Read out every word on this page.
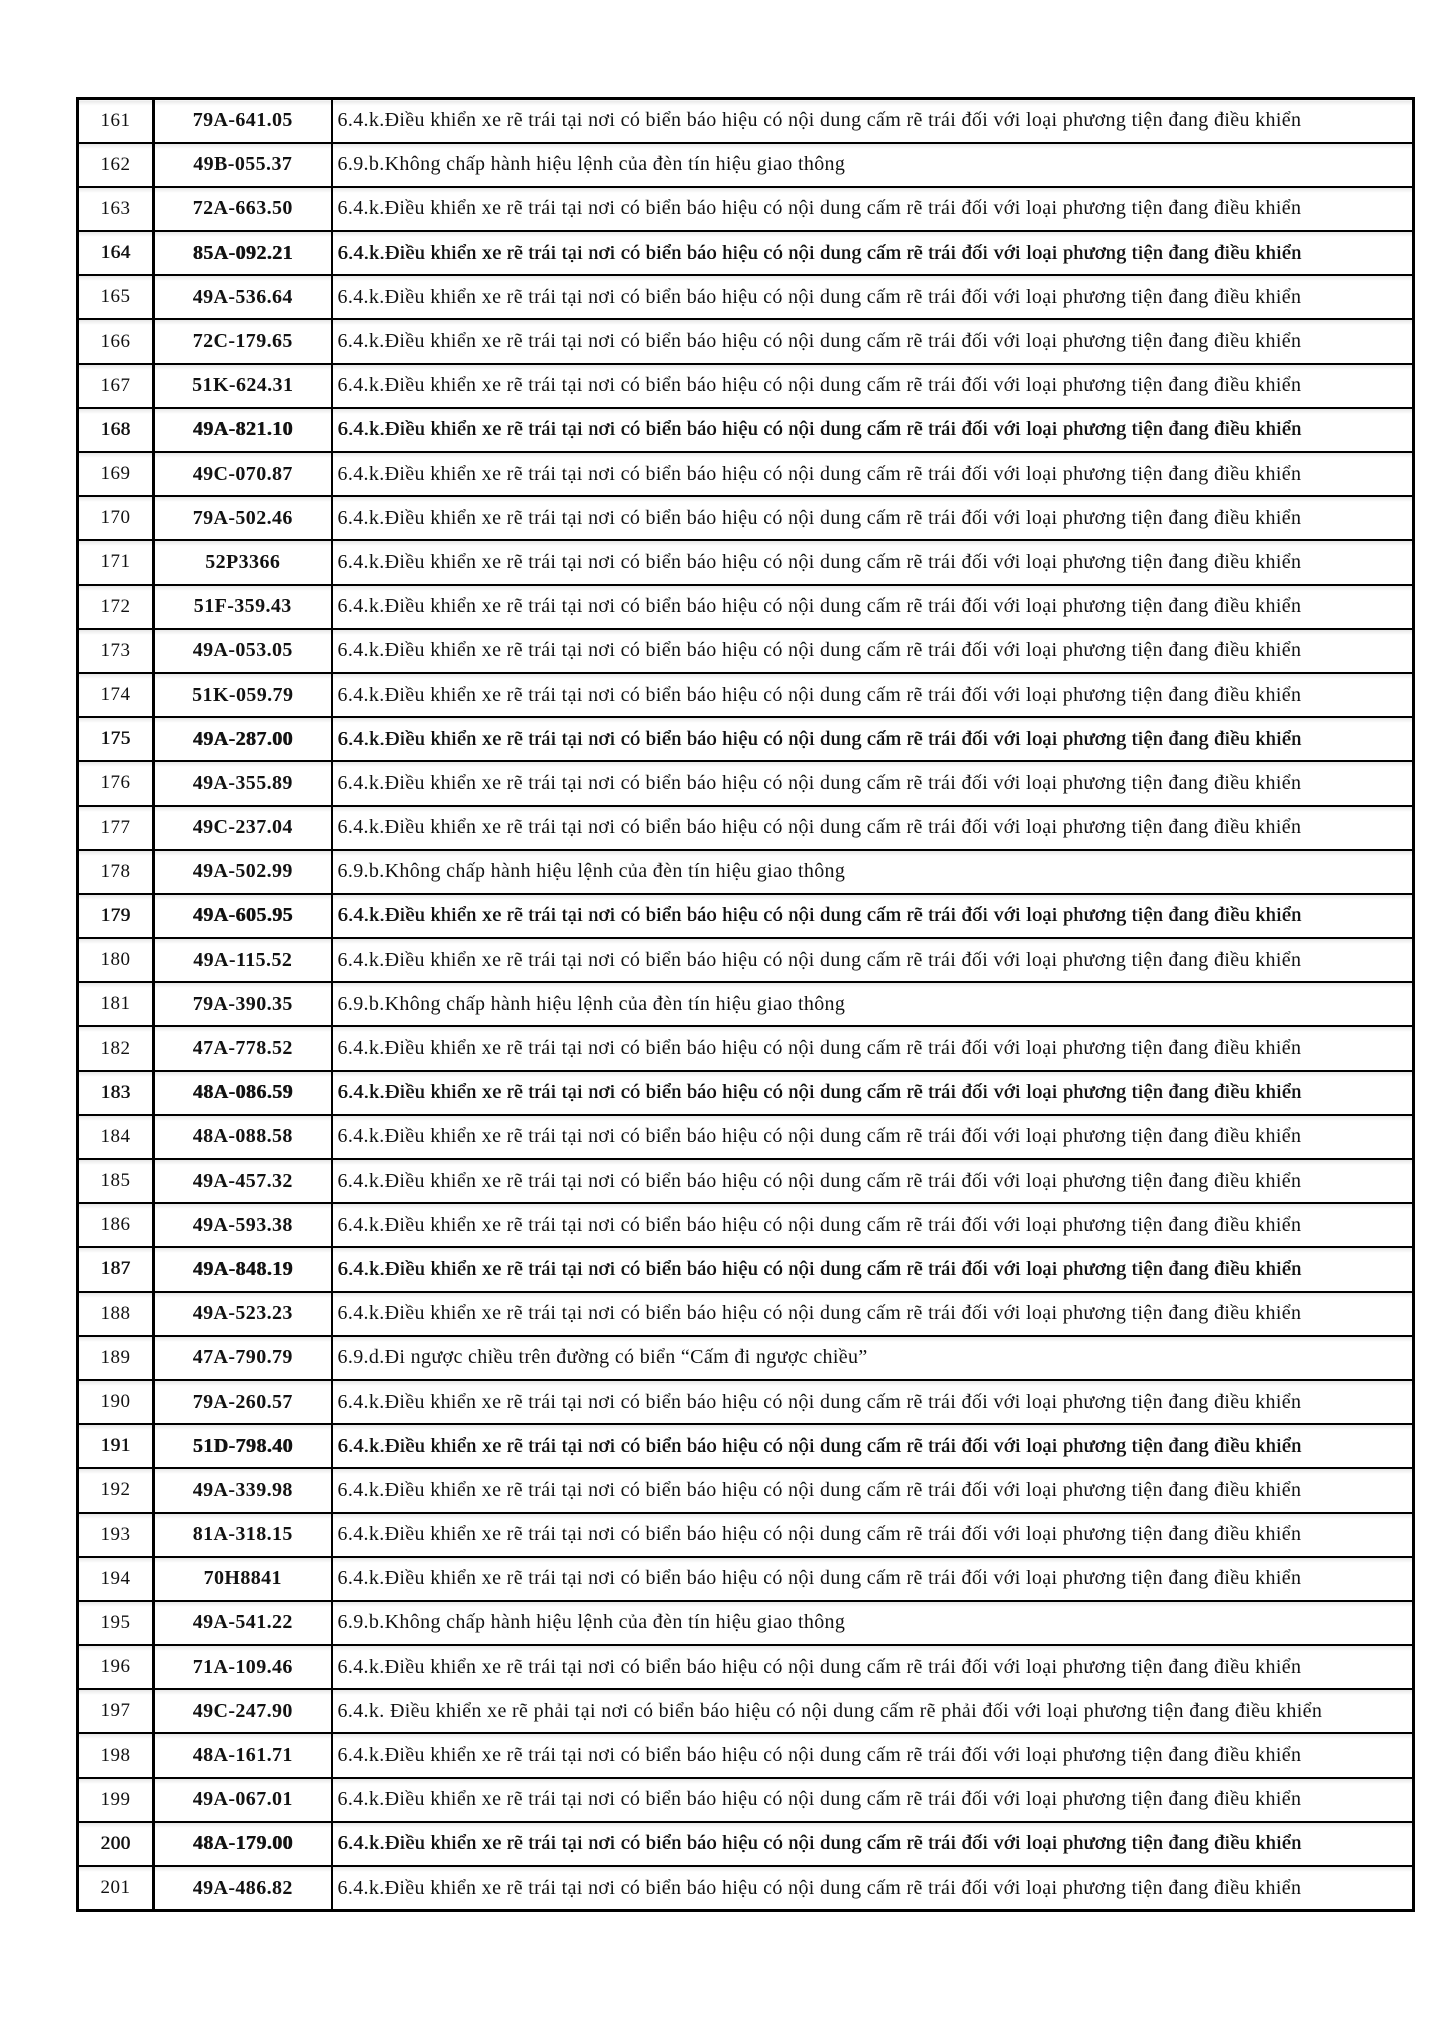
161	79A-641.05	6.4.k.Điều khiển xe rẽ trái tại nơi có biển báo hiệu có nội dung cấm rẽ trái đối với loại phương tiện đang điều khiển
162	49B-055.37	6.9.b.Không chấp hành hiệu lệnh của đèn tín hiệu giao thông
163	72A-663.50	6.4.k.Điều khiển xe rẽ trái tại nơi có biển báo hiệu có nội dung cấm rẽ trái đối với loại phương tiện đang điều khiển
164	85A-092.21	6.4.k.Điều khiển xe rẽ trái tại nơi có biển báo hiệu có nội dung cấm rẽ trái đối với loại phương tiện đang điều khiển
165	49A-536.64	6.4.k.Điều khiển xe rẽ trái tại nơi có biển báo hiệu có nội dung cấm rẽ trái đối với loại phương tiện đang điều khiển
166	72C-179.65	6.4.k.Điều khiển xe rẽ trái tại nơi có biển báo hiệu có nội dung cấm rẽ trái đối với loại phương tiện đang điều khiển
167	51K-624.31	6.4.k.Điều khiển xe rẽ trái tại nơi có biển báo hiệu có nội dung cấm rẽ trái đối với loại phương tiện đang điều khiển
168	49A-821.10	6.4.k.Điều khiển xe rẽ trái tại nơi có biển báo hiệu có nội dung cấm rẽ trái đối với loại phương tiện đang điều khiển
169	49C-070.87	6.4.k.Điều khiển xe rẽ trái tại nơi có biển báo hiệu có nội dung cấm rẽ trái đối với loại phương tiện đang điều khiển
170	79A-502.46	6.4.k.Điều khiển xe rẽ trái tại nơi có biển báo hiệu có nội dung cấm rẽ trái đối với loại phương tiện đang điều khiển
171	52P3366	6.4.k.Điều khiển xe rẽ trái tại nơi có biển báo hiệu có nội dung cấm rẽ trái đối với loại phương tiện đang điều khiển
172	51F-359.43	6.4.k.Điều khiển xe rẽ trái tại nơi có biển báo hiệu có nội dung cấm rẽ trái đối với loại phương tiện đang điều khiển
173	49A-053.05	6.4.k.Điều khiển xe rẽ trái tại nơi có biển báo hiệu có nội dung cấm rẽ trái đối với loại phương tiện đang điều khiển
174	51K-059.79	6.4.k.Điều khiển xe rẽ trái tại nơi có biển báo hiệu có nội dung cấm rẽ trái đối với loại phương tiện đang điều khiển
175	49A-287.00	6.4.k.Điều khiển xe rẽ trái tại nơi có biển báo hiệu có nội dung cấm rẽ trái đối với loại phương tiện đang điều khiển
176	49A-355.89	6.4.k.Điều khiển xe rẽ trái tại nơi có biển báo hiệu có nội dung cấm rẽ trái đối với loại phương tiện đang điều khiển
177	49C-237.04	6.4.k.Điều khiển xe rẽ trái tại nơi có biển báo hiệu có nội dung cấm rẽ trái đối với loại phương tiện đang điều khiển
178	49A-502.99	6.9.b.Không chấp hành hiệu lệnh của đèn tín hiệu giao thông
179	49A-605.95	6.4.k.Điều khiển xe rẽ trái tại nơi có biển báo hiệu có nội dung cấm rẽ trái đối với loại phương tiện đang điều khiển
180	49A-115.52	6.4.k.Điều khiển xe rẽ trái tại nơi có biển báo hiệu có nội dung cấm rẽ trái đối với loại phương tiện đang điều khiển
181	79A-390.35	6.9.b.Không chấp hành hiệu lệnh của đèn tín hiệu giao thông
182	47A-778.52	6.4.k.Điều khiển xe rẽ trái tại nơi có biển báo hiệu có nội dung cấm rẽ trái đối với loại phương tiện đang điều khiển
183	48A-086.59	6.4.k.Điều khiển xe rẽ trái tại nơi có biển báo hiệu có nội dung cấm rẽ trái đối với loại phương tiện đang điều khiển
184	48A-088.58	6.4.k.Điều khiển xe rẽ trái tại nơi có biển báo hiệu có nội dung cấm rẽ trái đối với loại phương tiện đang điều khiển
185	49A-457.32	6.4.k.Điều khiển xe rẽ trái tại nơi có biển báo hiệu có nội dung cấm rẽ trái đối với loại phương tiện đang điều khiển
186	49A-593.38	6.4.k.Điều khiển xe rẽ trái tại nơi có biển báo hiệu có nội dung cấm rẽ trái đối với loại phương tiện đang điều khiển
187	49A-848.19	6.4.k.Điều khiển xe rẽ trái tại nơi có biển báo hiệu có nội dung cấm rẽ trái đối với loại phương tiện đang điều khiển
188	49A-523.23	6.4.k.Điều khiển xe rẽ trái tại nơi có biển báo hiệu có nội dung cấm rẽ trái đối với loại phương tiện đang điều khiển
189	47A-790.79	6.9.d.Đi ngược chiều trên đường có biển “Cấm đi ngược chiều”
190	79A-260.57	6.4.k.Điều khiển xe rẽ trái tại nơi có biển báo hiệu có nội dung cấm rẽ trái đối với loại phương tiện đang điều khiển
191	51D-798.40	6.4.k.Điều khiển xe rẽ trái tại nơi có biển báo hiệu có nội dung cấm rẽ trái đối với loại phương tiện đang điều khiển
192	49A-339.98	6.4.k.Điều khiển xe rẽ trái tại nơi có biển báo hiệu có nội dung cấm rẽ trái đối với loại phương tiện đang điều khiển
193	81A-318.15	6.4.k.Điều khiển xe rẽ trái tại nơi có biển báo hiệu có nội dung cấm rẽ trái đối với loại phương tiện đang điều khiển
194	70H8841	6.4.k.Điều khiển xe rẽ trái tại nơi có biển báo hiệu có nội dung cấm rẽ trái đối với loại phương tiện đang điều khiển
195	49A-541.22	6.9.b.Không chấp hành hiệu lệnh của đèn tín hiệu giao thông
196	71A-109.46	6.4.k.Điều khiển xe rẽ trái tại nơi có biển báo hiệu có nội dung cấm rẽ trái đối với loại phương tiện đang điều khiển
197	49C-247.90	6.4.k. Điều khiển xe rẽ phải tại nơi có biển báo hiệu có nội dung cấm rẽ phải đối với loại phương tiện đang điều khiển
198	48A-161.71	6.4.k.Điều khiển xe rẽ trái tại nơi có biển báo hiệu có nội dung cấm rẽ trái đối với loại phương tiện đang điều khiển
199	49A-067.01	6.4.k.Điều khiển xe rẽ trái tại nơi có biển báo hiệu có nội dung cấm rẽ trái đối với loại phương tiện đang điều khiển
200	48A-179.00	6.4.k.Điều khiển xe rẽ trái tại nơi có biển báo hiệu có nội dung cấm rẽ trái đối với loại phương tiện đang điều khiển
201	49A-486.82	6.4.k.Điều khiển xe rẽ trái tại nơi có biển báo hiệu có nội dung cấm rẽ trái đối với loại phương tiện đang điều khiển
